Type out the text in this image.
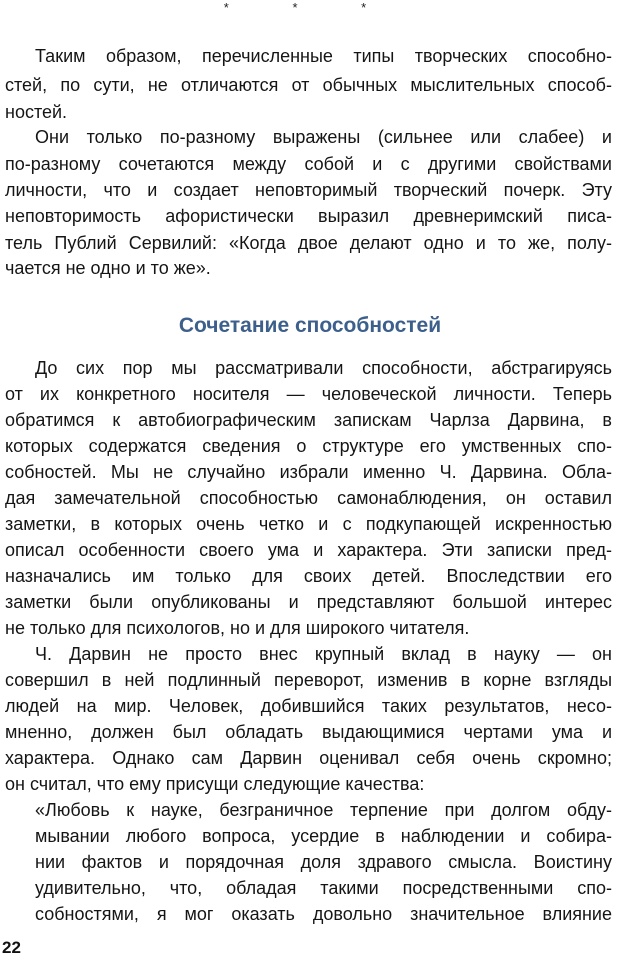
* * *
Таким образом, перечисленные типы творческих способно-
стей, по сути, не отличаются от обычных мыслительных способ-
ностей.
Они только по-разному выражены (сильнее или слабее) и
по-разному сочетаются между собой и с другими свойствами
личности, что и создает неповторимый творческий почерк. Эту
неповторимость афористически выразил древнеримский писа-
тель Публий Сервилий: «Когда двое делают одно и то же, полу-
чается не одно и то же».
До сих пор мы рассматривали способности, абстрагируясь
от их конкретного носителя — человеческой личности. Теперь
обратимся к автобиографическим запискам Чарлза Дарвина, в
которых содержатся сведения о структуре его умственных спо-
собностей. Мы не случайно избрали именно Ч. Дарвина. Обла-
дая замечательной способностью самонаблюдения, он оставил
заметки, в которых очень четко и с подкупающей искренностью
описал особенности своего ума и характера. Эти записки пред-
назначались им только для своих детей. Впоследствии его
заметки были опубликованы и представляют большой интерес
не только для психологов, но и для широкого читателя.
Ч. Дарвин не просто внес крупный вклад в науку — он
совершил в ней подлинный переворот, изменив в корне взгляды
людей на мир. Человек, добившийся таких результатов, несо-
мненно, должен был обладать выдающимися чертами ума и
характера. Однако сам Дарвин оценивал себя очень скромно;
он считал, что ему присущи следующие качества:
«Любовь к науке, безграничное терпение при долгом обду-
мывании любого вопроса, усердие в наблюдении и собира-
нии фактов и порядочная доля здравого смысла. Воистину
удивительно, что, обладая такими посредственными спо-
собностями, я мог оказать довольно значительное влияние
Сочетание способностей
22
